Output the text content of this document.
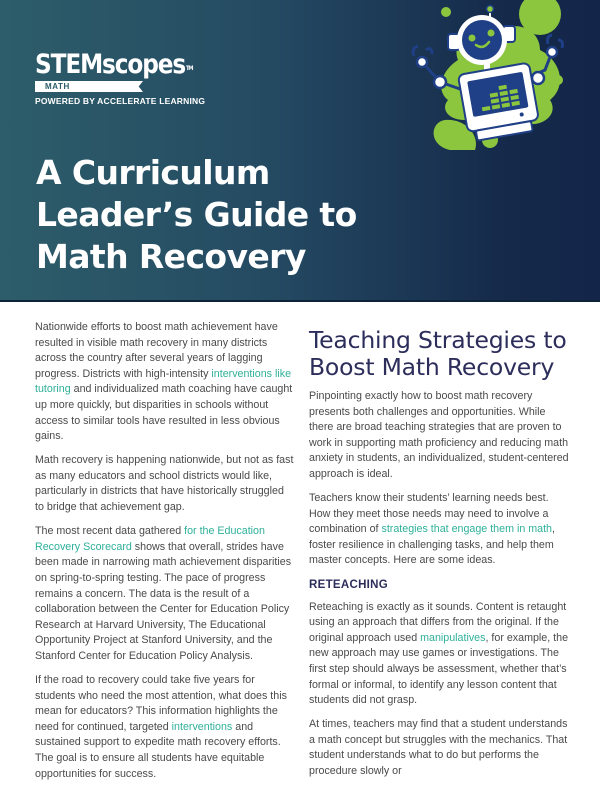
STEMscopes™
MATH
POWERED BY ACCELERATE LEARNING
A Curriculum
Leader’s Guide to
Math Recovery

Nationwide efforts to boost math achievement have resulted in visible math recovery in many districts across the country after several years of lagging progress. Districts with high-intensity interventions like tutoring and individualized math coaching have caught up more quickly, but disparities in schools without access to similar tools have resulted in less obvious gains.

Math recovery is happening nationwide, but not as fast as many educators and school districts would like, particularly in districts that have historically struggled to bridge that achievement gap.

The most recent data gathered for the Education Recovery Scorecard shows that overall, strides have been made in narrowing math achievement disparities on spring-to-spring testing. The pace of progress remains a concern. The data is the result of a collaboration between the Center for Education Policy Research at Harvard University, The Educational Opportunity Project at Stanford University, and the Stanford Center for Education Policy Analysis.

If the road to recovery could take five years for students who need the most attention, what does this mean for educators? This information highlights the need for continued, targeted interventions and sustained support to expedite math recovery efforts. The goal is to ensure all students have equitable opportunities for success.

Teaching Strategies to Boost Math Recovery

Pinpointing exactly how to boost math recovery presents both challenges and opportunities. While there are broad teaching strategies that are proven to work in supporting math proficiency and reducing math anxiety in students, an individualized, student-centered approach is ideal.

Teachers know their students’ learning needs best. How they meet those needs may need to involve a combination of strategies that engage them in math, foster resilience in challenging tasks, and help them master concepts. Here are some ideas.

RETEACHING

Reteaching is exactly as it sounds. Content is retaught using an approach that differs from the original. If the original approach used manipulatives, for example, the new approach may use games or investigations. The first step should always be assessment, whether that’s formal or informal, to identify any lesson content that students did not grasp.

At times, teachers may find that a student understands a math concept but struggles with the mechanics. That student understands what to do but performs the procedure slowly or
